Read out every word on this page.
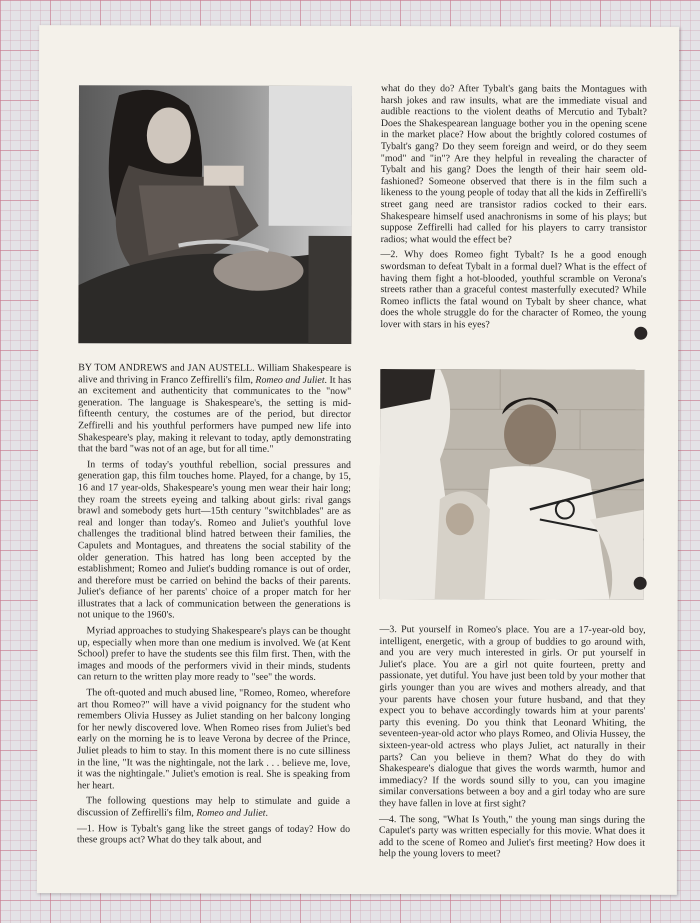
BY TOM ANDREWS and JAN AUSTELL. William Shakespeare is alive and thriving in Franco Zeffirelli's film, Romeo and Juliet. It has an excitement and authenticity that communicates to the "now" generation. The language is Shakespeare's, the setting is mid-fifteenth century, the costumes are of the period, but director Zeffirelli and his youthful performers have pumped new life into Shakespeare's play, making it relevant to today, aptly demonstrating that the bard "was not of an age, but for all time."

In terms of today's youthful rebellion, social pressures and generation gap, this film touches home. Played, for a change, by 15, 16 and 17 year-olds, Shakespeare's young men wear their hair long; they roam the streets eyeing and talking about girls: rival gangs brawl and somebody gets hurt—15th century "switchblades" are as real and longer than today's. Romeo and Juliet's youthful love challenges the traditional blind hatred between their families, the Capulets and Montagues, and threatens the social stability of the older generation. This hatred has long been accepted by the establishment; Romeo and Juliet's budding romance is out of order, and therefore must be carried on behind the backs of their parents. Juliet's defiance of her parents' choice of a proper match for her illustrates that a lack of communication between the generations is not unique to the 1960's.

Myriad approaches to studying Shakespeare's plays can be thought up, especially when more than one medium is involved. We (at Kent School) prefer to have the students see this film first. Then, with the images and moods of the performers vivid in their minds, students can return to the written play more ready to "see" the words.

The oft-quoted and much abused line, "Romeo, Romeo, wherefore art thou Romeo?" will have a vivid poignancy for the student who remembers Olivia Hussey as Juliet standing on her balcony longing for her newly discovered love. When Romeo rises from Juliet's bed early on the morning he is to leave Verona by decree of the Prince, Juliet pleads to him to stay. In this moment there is no cute silliness in the line, "It was the nightingale, not the lark . . . believe me, love, it was the nightingale." Juliet's emotion is real. She is speaking from her heart.

The following questions may help to stimulate and guide a discussion of Zeffirelli's film, Romeo and Juliet.

—1. How is Tybalt's gang like the street gangs of today? How do these groups act? What do they talk about, and

what do they do? After Tybalt's gang baits the Montagues with harsh jokes and raw insults, what are the immediate visual and audible reactions to the violent deaths of Mercutio and Tybalt? Does the Shakespearean language bother you in the opening scene in the market place? How about the brightly colored costumes of Tybalt's gang? Do they seem foreign and weird, or do they seem "mod" and "in"? Are they helpful in revealing the character of Tybalt and his gang? Does the length of their hair seem old-fashioned? Someone observed that there is in the film such a likeness to the young people of today that all the kids in Zeffirelli's street gang need are transistor radios cocked to their ears. Shakespeare himself used anachronisms in some of his plays; but suppose Zeffirelli had called for his players to carry transistor radios; what would the effect be?

—2. Why does Romeo fight Tybalt? Is he a good enough swordsman to defeat Tybalt in a formal duel? What is the effect of having them fight a hot-blooded, youthful scramble on Verona's streets rather than a graceful contest masterfully executed? While Romeo inflicts the fatal wound on Tybalt by sheer chance, what does the whole struggle do for the character of Romeo, the young lover with stars in his eyes?

—3. Put yourself in Romeo's place. You are a 17-year-old boy, intelligent, energetic, with a group of buddies to go around with, and you are very much interested in girls. Or put yourself in Juliet's place. You are a girl not quite fourteen, pretty and passionate, yet dutiful. You have just been told by your mother that girls younger than you are wives and mothers already, and that your parents have chosen your future husband, and that they expect you to behave accordingly towards him at your parents' party this evening. Do you think that Leonard Whiting, the seventeen-year-old actor who plays Romeo, and Olivia Hussey, the sixteen-year-old actress who plays Juliet, act naturally in their parts? Can you believe in them? What do they do with Shakespeare's dialogue that gives the words warmth, humor and immediacy? If the words sound silly to you, can you imagine similar conversations between a boy and a girl today who are sure they have fallen in love at first sight?

—4. The song, "What Is Youth," the young man sings during the Capulet's party was written especially for this movie. What does it add to the scene of Romeo and Juliet's first meeting? How does it help the young lovers to meet?
